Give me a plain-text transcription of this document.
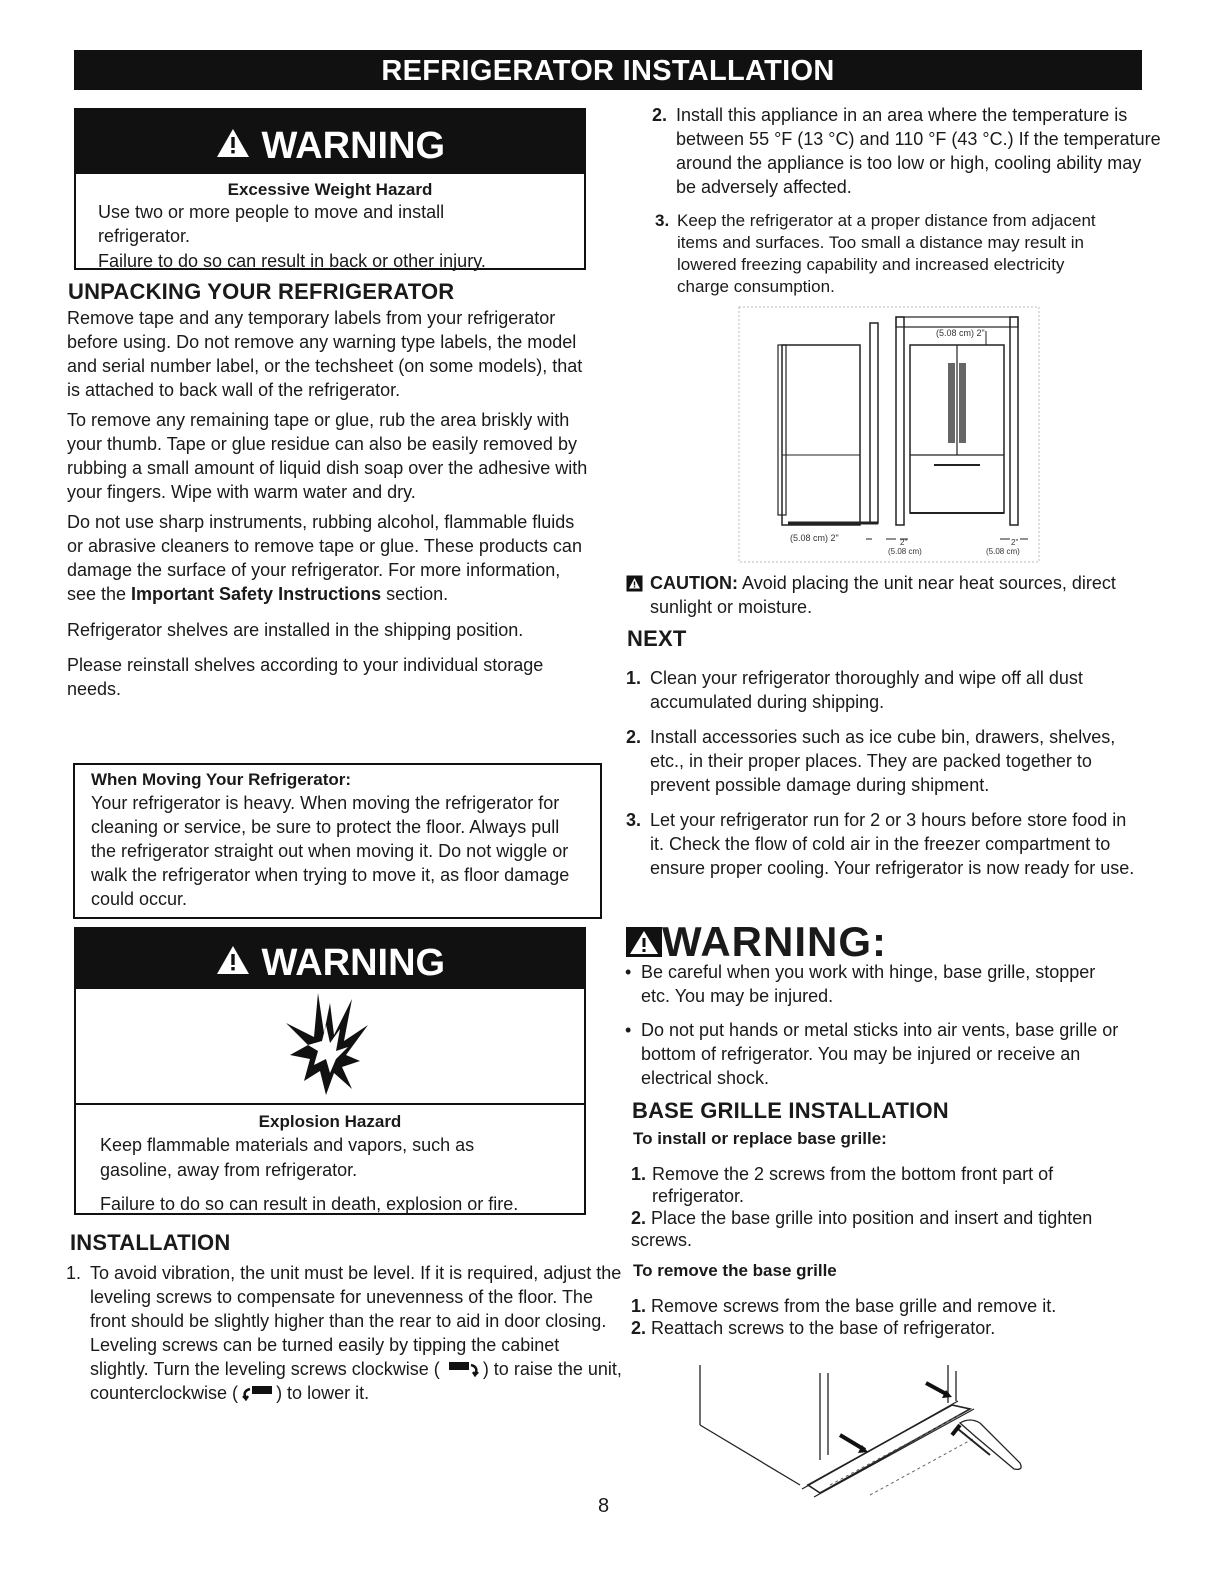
REFRIGERATOR INSTALLATION
WARNING
Excessive Weight Hazard
Use two or more people to move and install
refrigerator.
Failure to do so can result in back or other injury.
UNPACKING YOUR REFRIGERATOR

Remove tape and any temporary labels from your refrigerator before using. Do not remove any warning type labels, the model and serial number label, or the techsheet (on some models), that is attached to back wall of the refrigerator.

To remove any remaining tape or glue, rub the area briskly with your thumb. Tape or glue residue can also be easily removed by rubbing a small amount of liquid dish soap over the adhesive with your fingers. Wipe with warm water and dry.

Do not use sharp instruments, rubbing alcohol, flammable fluids or abrasive cleaners to remove tape or glue. These products can damage the surface of your refrigerator. For more information, see the Important Safety Instructions section.

Refrigerator shelves are installed in the shipping position.

Please reinstall shelves according to your individual storage needs.

When Moving Your Refrigerator:
Your refrigerator is heavy. When moving the refrigerator for cleaning or service, be sure to protect the floor. Always pull the refrigerator straight out when moving it. Do not wiggle or walk the refrigerator when trying to move it, as floor damage could occur.
WARNING
Explosion Hazard
Keep flammable materials and vapors, such as
gasoline, away from refrigerator.
Failure to do so can result in death, explosion or fire.
INSTALLATION
1. To avoid vibration, the unit must be level. If it is required, adjust the leveling screws to compensate for unevenness of the floor. The front should be slightly higher than the rear to aid in door closing. Leveling screws can be turned easily by tipping the cabinet slightly. Turn the leveling screws clockwise ( ) to raise the unit, counterclockwise ( ) to lower it.
8
2. Install this appliance in an area where the temperature is between 55 °F (13 °C) and 110 °F (43 °C.) If the temperature around the appliance is too low or high, cooling ability may be adversely affected.
3. Keep the refrigerator at a proper distance from adjacent items and surfaces. Too small a distance may result in lowered freezing capability and increased electricity charge consumption.
(5.08 cm) 2"
(5.08 cm) 2"	2"
(5.08 cm)
2"
(5.08 cm)
CAUTION: Avoid placing the unit near heat sources, direct sunlight or moisture.
NEXT
1. Clean your refrigerator thoroughly and wipe off all dust accumulated during shipping.
2. Install accessories such as ice cube bin, drawers, shelves, etc., in their proper places. They are packed together to prevent possible damage during shipment.
3. Let your refrigerator run for 2 or 3 hours before store food in it. Check the flow of cold air in the freezer compartment to ensure proper cooling. Your refrigerator is now ready for use.
WARNING:
• Be careful when you work with hinge, base grille, stopper etc. You may be injured.
• Do not put hands or metal sticks into air vents, base grille or bottom of refrigerator. You may be injured or receive an electrical shock.
BASE GRILLE INSTALLATION
To install or replace base grille:
1. Remove the 2 screws from the bottom front part of refrigerator.
2. Place the base grille into position and insert and tighten screws.
To remove the base grille
1. Remove screws from the base grille and remove it.
2. Reattach screws to the base of refrigerator.
